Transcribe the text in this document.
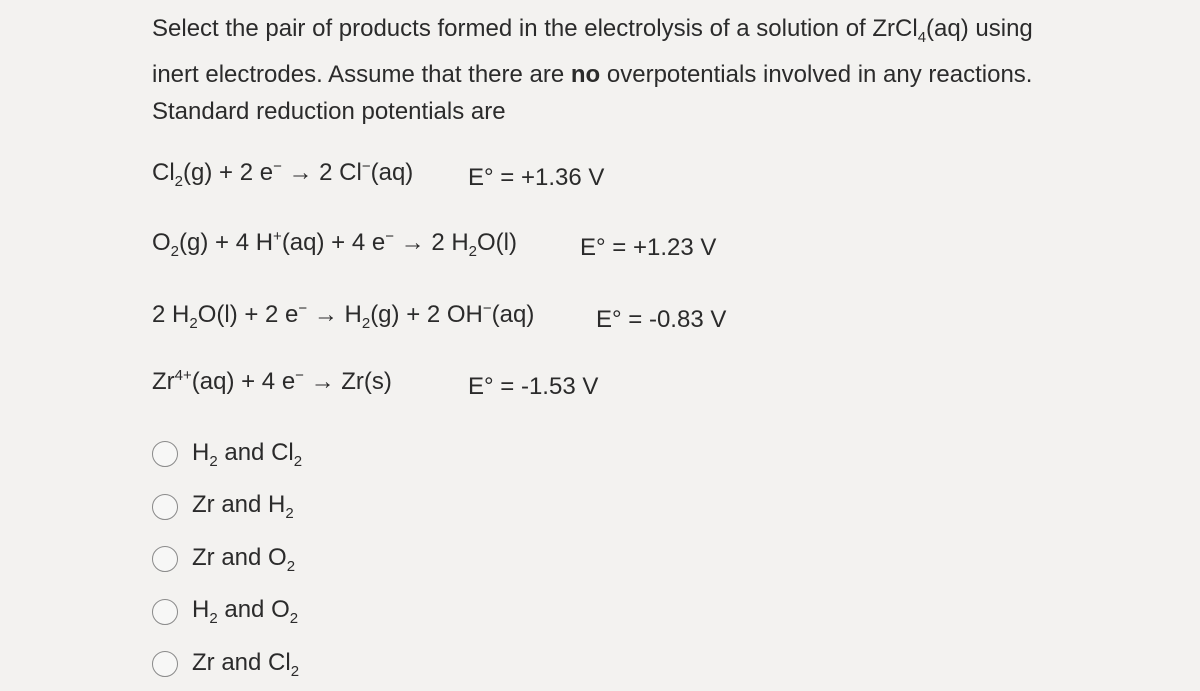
Select the pair of products formed in the electrolysis of a solution of ZrCl$_4$(aq) using
inert electrodes. Assume that there are no overpotentials involved in any reactions.
Standard reduction potentials are
$Cl_2(g) + 2$ e− → 2 Cl−(aq) E° = +1.36 V
$O_2(g) + 4$ H+(aq) + 4 e− → 2 $H_2O(l)$	E° = +1.23 V
2 $H_2O(l) + 2$ $e^- \to H_2(g) + 2$ OH−(aq)	E° = -0.83 V
$Zr^{4+}(aq) + 4$ e− → Zr(s)	E° = -1.53 V
$H_2$ and $Cl_2$
Zr and $H_2$
Zr and $O_2$
$H_2$ and $O_2$
Zr and $Cl_2$
